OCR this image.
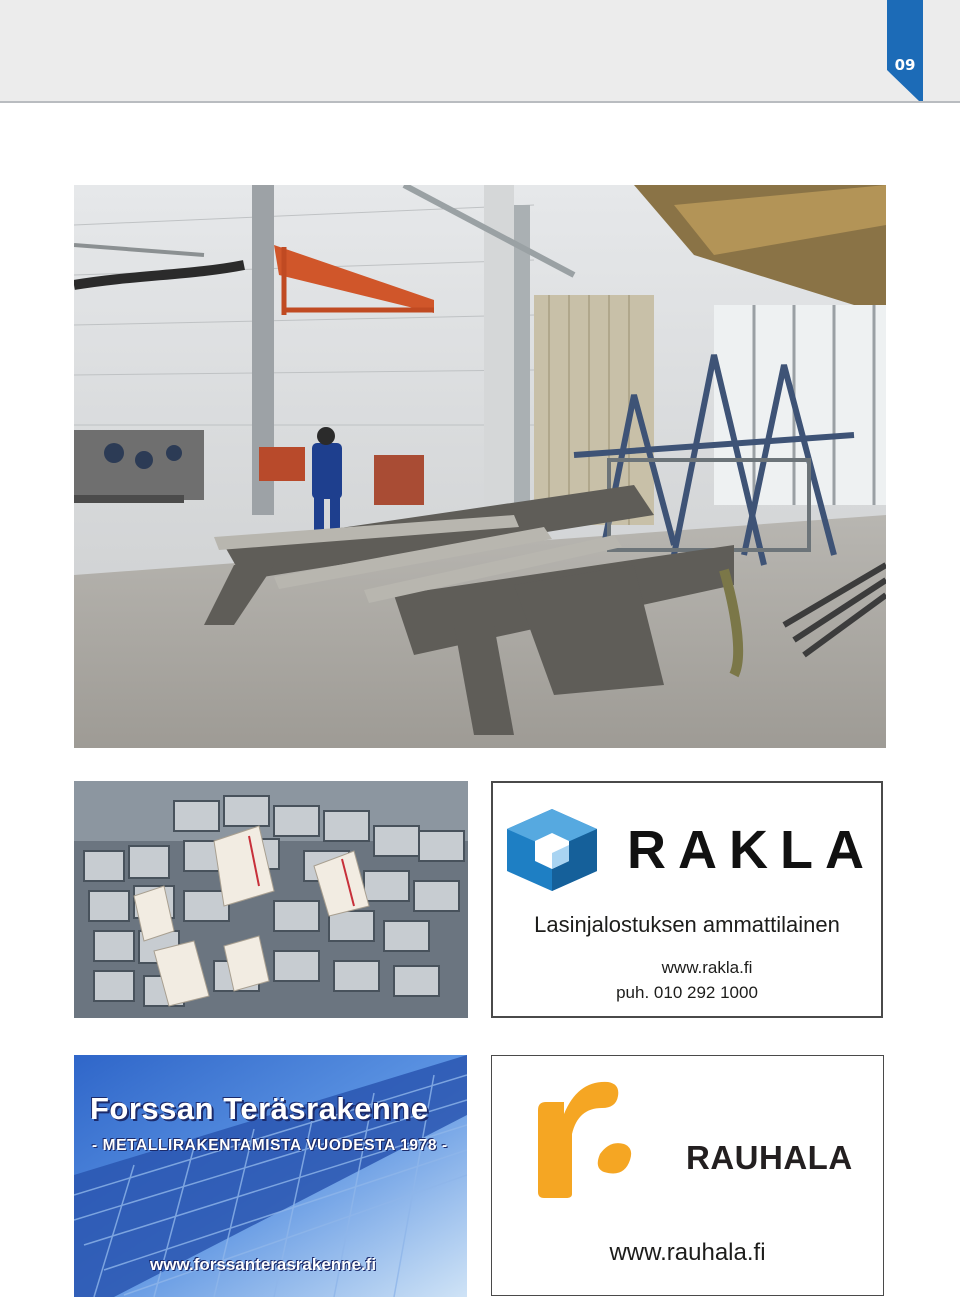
09
RAKLA
Lasinjalostuksen ammattilainen
www.rakla.fi
puh. 010 292 1000
Forssan Teräsrakenne
- METALLIRAKENTAMISTA VUODESTA 1978 -
www.forssanterasrakenne.fi
RAUHALA
www.rauhala.fi
